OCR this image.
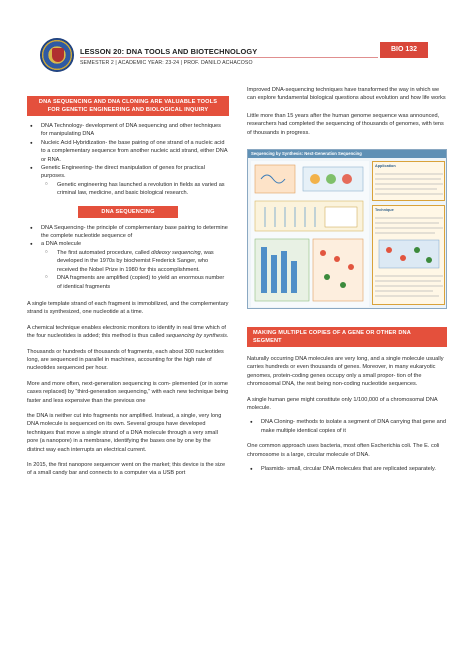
LESSON 20: DNA TOOLS AND BIOTECHNOLOGY
SEMESTER 2 | ACADEMIC YEAR: 23-24 | PROF. DANILO ACHACOSO
BIO 132
DNA SEQUENCING AND DNA CLONING ARE VALUABLE TOOLS FOR GENETIC ENGINEERING AND BIOLOGICAL INQUIRY
● DNA Technology- development of DNA sequencing and other techniques for manipulating DNA
● Nucleic Acid Hybridization- the base pairing of one strand of a nucleic acid to a complementary sequence from another nucleic acid strand, either DNA or RNA.
● Genetic Engineering- the direct manipulation of genes for practical purposes.
○ Genetic engineering has launched a revolution in fields as varied as criminal law, medicine, and basic biological research.
DNA SEQUENCING
● DNA Sequencing- the principle of complementary base pairing to determine the complete nucleotide sequence of
● a DNA molecule
○ The first automated procedure, called dideoxy sequencing, was developed in the 1970s by biochemist Frederick Sanger, who received the Nobel Prize in 1980 for this accomplishment.
○ DNA fragments are amplified (copied) to yield an enormous number of identical fragments
A single template strand of each fragment is immobilized, and the complementary strand is synthesized, one nucleotide at a time.
A chemical technique enables electronic monitors to identify in real time which of the four nucleotides is added; this method is thus called sequencing by synthesis.
Thousands or hundreds of thousands of fragments, each about 300 nucleotides long, are sequenced in parallel in machines, accounting for the high rate of nucleotides sequenced per hour.
More and more often, next-generation sequencing is com- plemented (or in some cases replaced) by “third-generation sequencing,” with each new technique being faster and less expensive than the previous one
the DNA is neither cut into fragments nor amplified. Instead, a single, very long DNA molecule is sequenced on its own. Several groups have developed techniques that move a single strand of a DNA molecule through a very small pore (a nanopore) in a membrane, identifying the bases one by one by the distinct way each interrupts an electrical current.
In 2015, the first nanopore sequencer went on the market; this device is the size of a small candy bar and connects to a computer via a USB port
Improved DNA-sequencing techniques have transformed the way in which we can explore fundamental biological questions about evolution and how life works
Little more than 15 years after the human genome sequence was announced, researchers had completed the sequencing of thousands of genomes, with tens of thousands in progress.
Sequencing by Synthesis: Next-Generation Sequencing
Application
Technique
MAKING MULTIPLE COPIES OF A GENE OR OTHER DNA SEGMENT
Naturally occurring DNA molecules are very long, and a single molecule usually carries hundreds or even thousands of genes. Moreover, in many eukaryotic genomes, protein-coding genes occupy only a small propor- tion of the chromosomal DNA, the rest being non-coding nucleotide sequences.
A single human gene might constitute only 1/100,000 of a chromosomal DNA molecule.
● DNA Cloning- methods to isolate a segment of DNA carrying that gene and make multiple identical copies of it
One common approach uses bacteria, most often Escherichia coli. The E. coli chromosome is a large, circular molecule of DNA.
● Plasmids- small, circular DNA molecules that are replicated separately.
